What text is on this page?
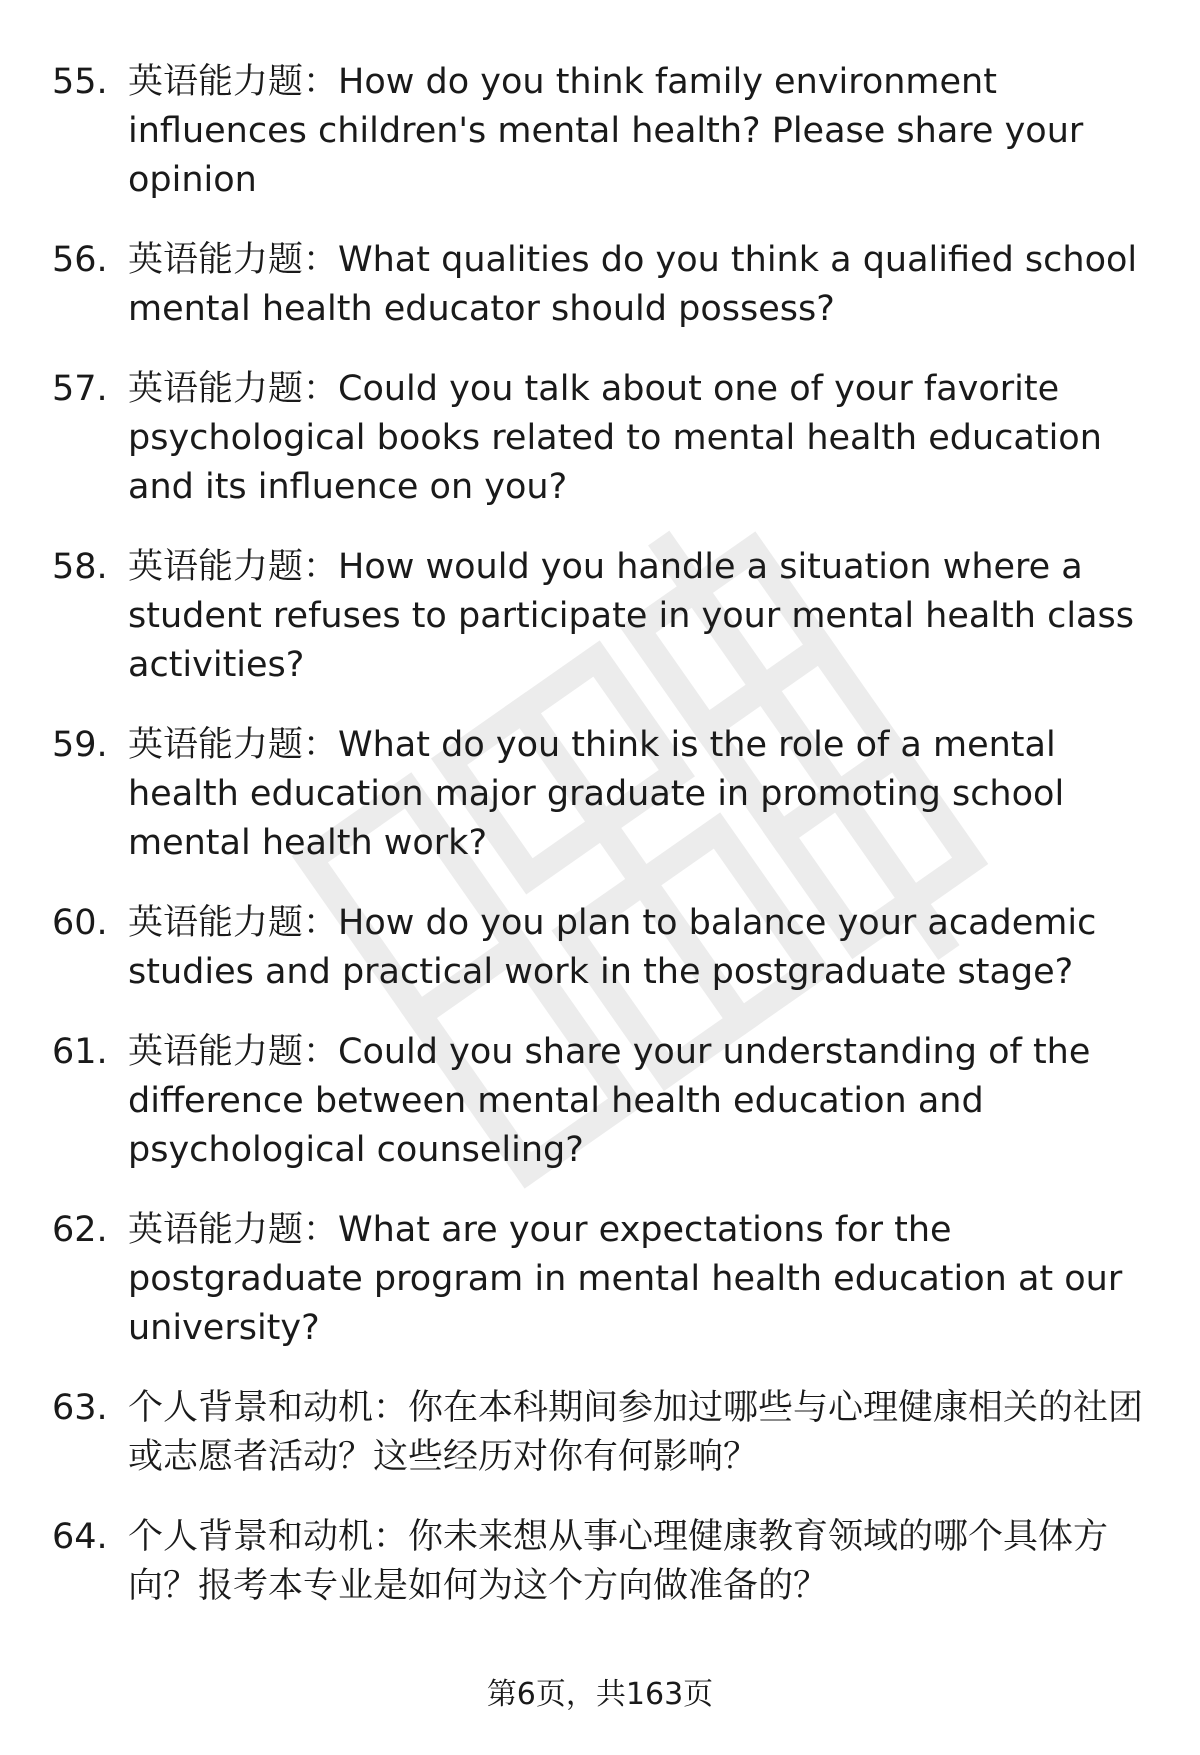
55. 英语能力题：How do you think family environment influences children's mental health? Please share your opinion
56. 英语能力题：What qualities do you think a qualified school mental health educator should possess?
57. 英语能力题：Could you talk about one of your favorite psychological books related to mental health education and its influence on you?
58. 英语能力题：How would you handle a situation where a student refuses to participate in your mental health class activities?
59. 英语能力题：What do you think is the role of a mental health education major graduate in promoting school mental health work?
60. 英语能力题：How do you plan to balance your academic studies and practical work in the postgraduate stage?
61. 英语能力题：Could you share your understanding of the difference between mental health education and psychological counseling?
62. 英语能力题：What are your expectations for the postgraduate program in mental health education at our university?
63. 个人背景和动机：你在本科期间参加过哪些与心理健康相关的社团或志愿者活动？这些经历对你有何影响？
64. 个人背景和动机：你未来想从事心理健康教育领域的哪个具体方向？报考本专业是如何为这个方向做准备的？
第6页，共163页
